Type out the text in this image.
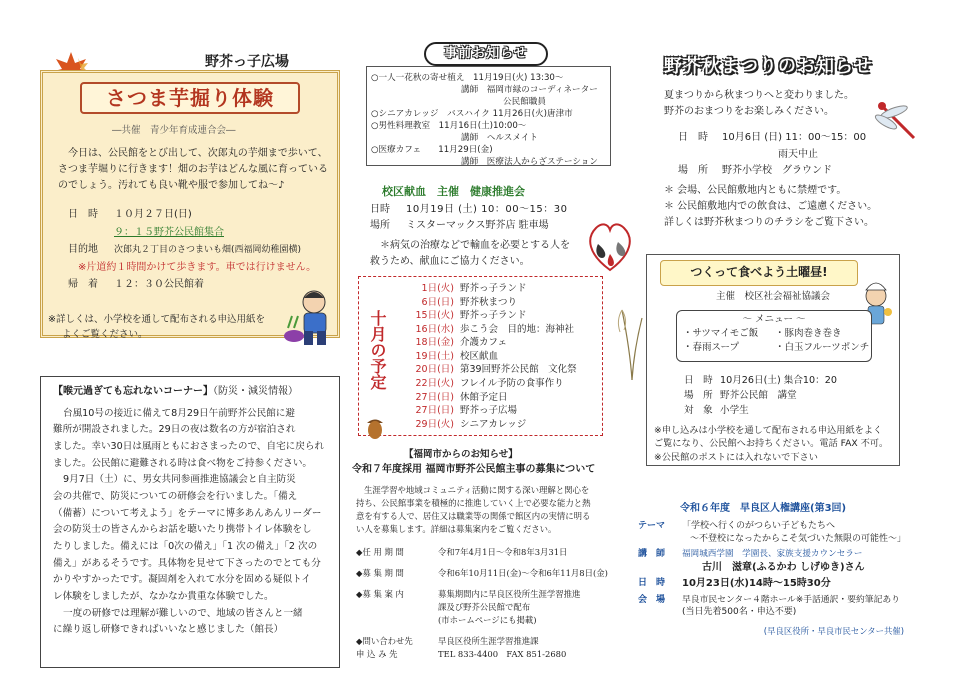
野芥っ子広場
さつま芋掘り体験
―共催　青少年育成連合会―

今日は、公民館をとび出して、次郎丸の芋畑まで歩いて、

さつま芋堀りに行きます！畑のお芋はどんな風に育っている

のでしょう。汚れても良い靴や服で参加してね～♪

日　時 １０月２７日(日)
９：１５野芥公民館集合
目的地 次郎丸２丁目のさつまいも畑(西福岡幼稚園横)
※片道約１時間かけて歩きます。車では行けません。
帰　着 １２：３０公民館着

※詳しくは、小学校を通して配布される申込用紙を

よくご覧ください。

【喉元過ぎても忘れないコーナー】（防災・減災情報）

台風10号の接近に備えて8月29日午前野芥公民館に避

難所が開設されました。29日の夜は数名の方が宿泊され

ました。幸い30日は風雨ともにおさまったので、自宅に戻られ

ました。公民館に避難される時は食べ物をご持参ください。

9月7日（土）に、男女共同参画推進協議会と自主防災

会の共催で、防災についての研修会を行いました。「備え

（備蓄）について考えよう」をテーマに博多あんあんリーダー

会の防災士の皆さんからお話を聴いたり携帯トイレ体験をし

たりしました。備えには「0次の備え」「1 次の備え」「2 次の

備え」があるそうです。具体物を見せて下さったのでとても分

かりやすかったです。凝固剤を入れて水分を固める疑似トイ

レ体験をしましたが、なかなか貴重な体験でした。

一度の研修では理解が難しいので、地域の皆さんと一緒

に繰り返し研修できればいいなと感じました（館長）

事前お知らせ
○一人一花秋の寄せ植え　 11月19日(火) 13:30～
講師　福岡市緑のコーディネーター
公民館職員
○シニアカレッジ　 バスハイク 11月26日(火)唐津市
○男性料理教室　 11月16日(土)10:00～
講師　ヘルスメイト
○医療カフェ　　 11月29日(金)
講師　医療法人からざステーション
校区献血　 主催　健康推進会
日時 10月19日 (土) 10：00～15：30
場所 ミスターマックス野芥店 駐車場

＊病気の治療などで輸血を必要とする人を

救うため、献血にご協力ください。

十月の予定
1日(火) 野芥っ子ランド
6日(日) 野芥秋まつり
15日(火) 野芥っ子ランド
16日(水) 歩こう会　目的地：海神社
18日(金) 介護カフェ
19日(土) 校区献血
20日(日) 第39回野芥公民館　文化祭
22日(火) フレイル予防の食事作り
27日(日) 休館予定日
27日(日) 野芥っ子広場
29日(火) シニアカレッジ
【福岡市からのお知らせ】
令和７年度採用 福岡市野芥公民館主事の募集について

生涯学習や地域コミュニティ活動に関する深い理解と関心を

持ち、公民館事業を積極的に推進していく上で必要な能力と熱

意を有する人で、居住又は職業等の関係で館区内の実情に明る

い人を募集します。詳細は募集案内をご覧ください。

◆任 用 期 間	令和7年4月1日～令和8年3月31日
◆募 集 期 間	令和6年10月11日(金)～令和6年11月8日(金)
◆募 集 案 内	募集期間内に早良区役所生涯学習推進
課及び野芥公民館で配布
(市ホームページにも掲載)
◆問い合わせ先	早良区役所生涯学習推進課
申 込 み 先	TEL 833-4400　FAX 851-2680
野芥秋まつりのお知らせ

夏まつりから秋まつりへと変わりました。

野芥のおまつりをお楽しみください。

日　時 10月6日 (日) 11：00～15：00
雨天中止
場　所 野芥小学校　グラウンド

＊ 会場、公民館敷地内ともに禁煙です。

＊ 公民館敷地内での飲食は、ご遠慮ください。

詳しくは野芥秋まつりのチラシをご覧下さい。

つくって食べよう土曜昼!
主催　校区社会福祉協議会
～ メニュー ～
・サツマイモご飯 ・豚肉巻き巻き
・春雨スープ	・白玉フルーツポンチ
日　時 10月26日(土) 集合10：20
場　所 野芥公民館　講堂
対　象 小学生

※申し込みは小学校を通して配布される申込用紙をよく

ご覧になり、公民館へお持ちください。電話 FAX 不可。

※公民館のポストには入れないで下さい

令和６年度　早良区人権講座(第3回)
テーマ	「学校へ行くのがつらい子どもたちへ

～不登校になったからこそ気づいた無限の可能性～」

講　師	福岡城西学園　学園長、家族支援カウンセラー

古川　滋章(ふるかわ しげゆき)さん

日　時	10月23日(水)14時～15時30分
会　場	早良市民センター４階ホール※手話通訳・要約筆記あり

(当日先着500名・申込不要)

(早良区役所・早良市民センター共催)
